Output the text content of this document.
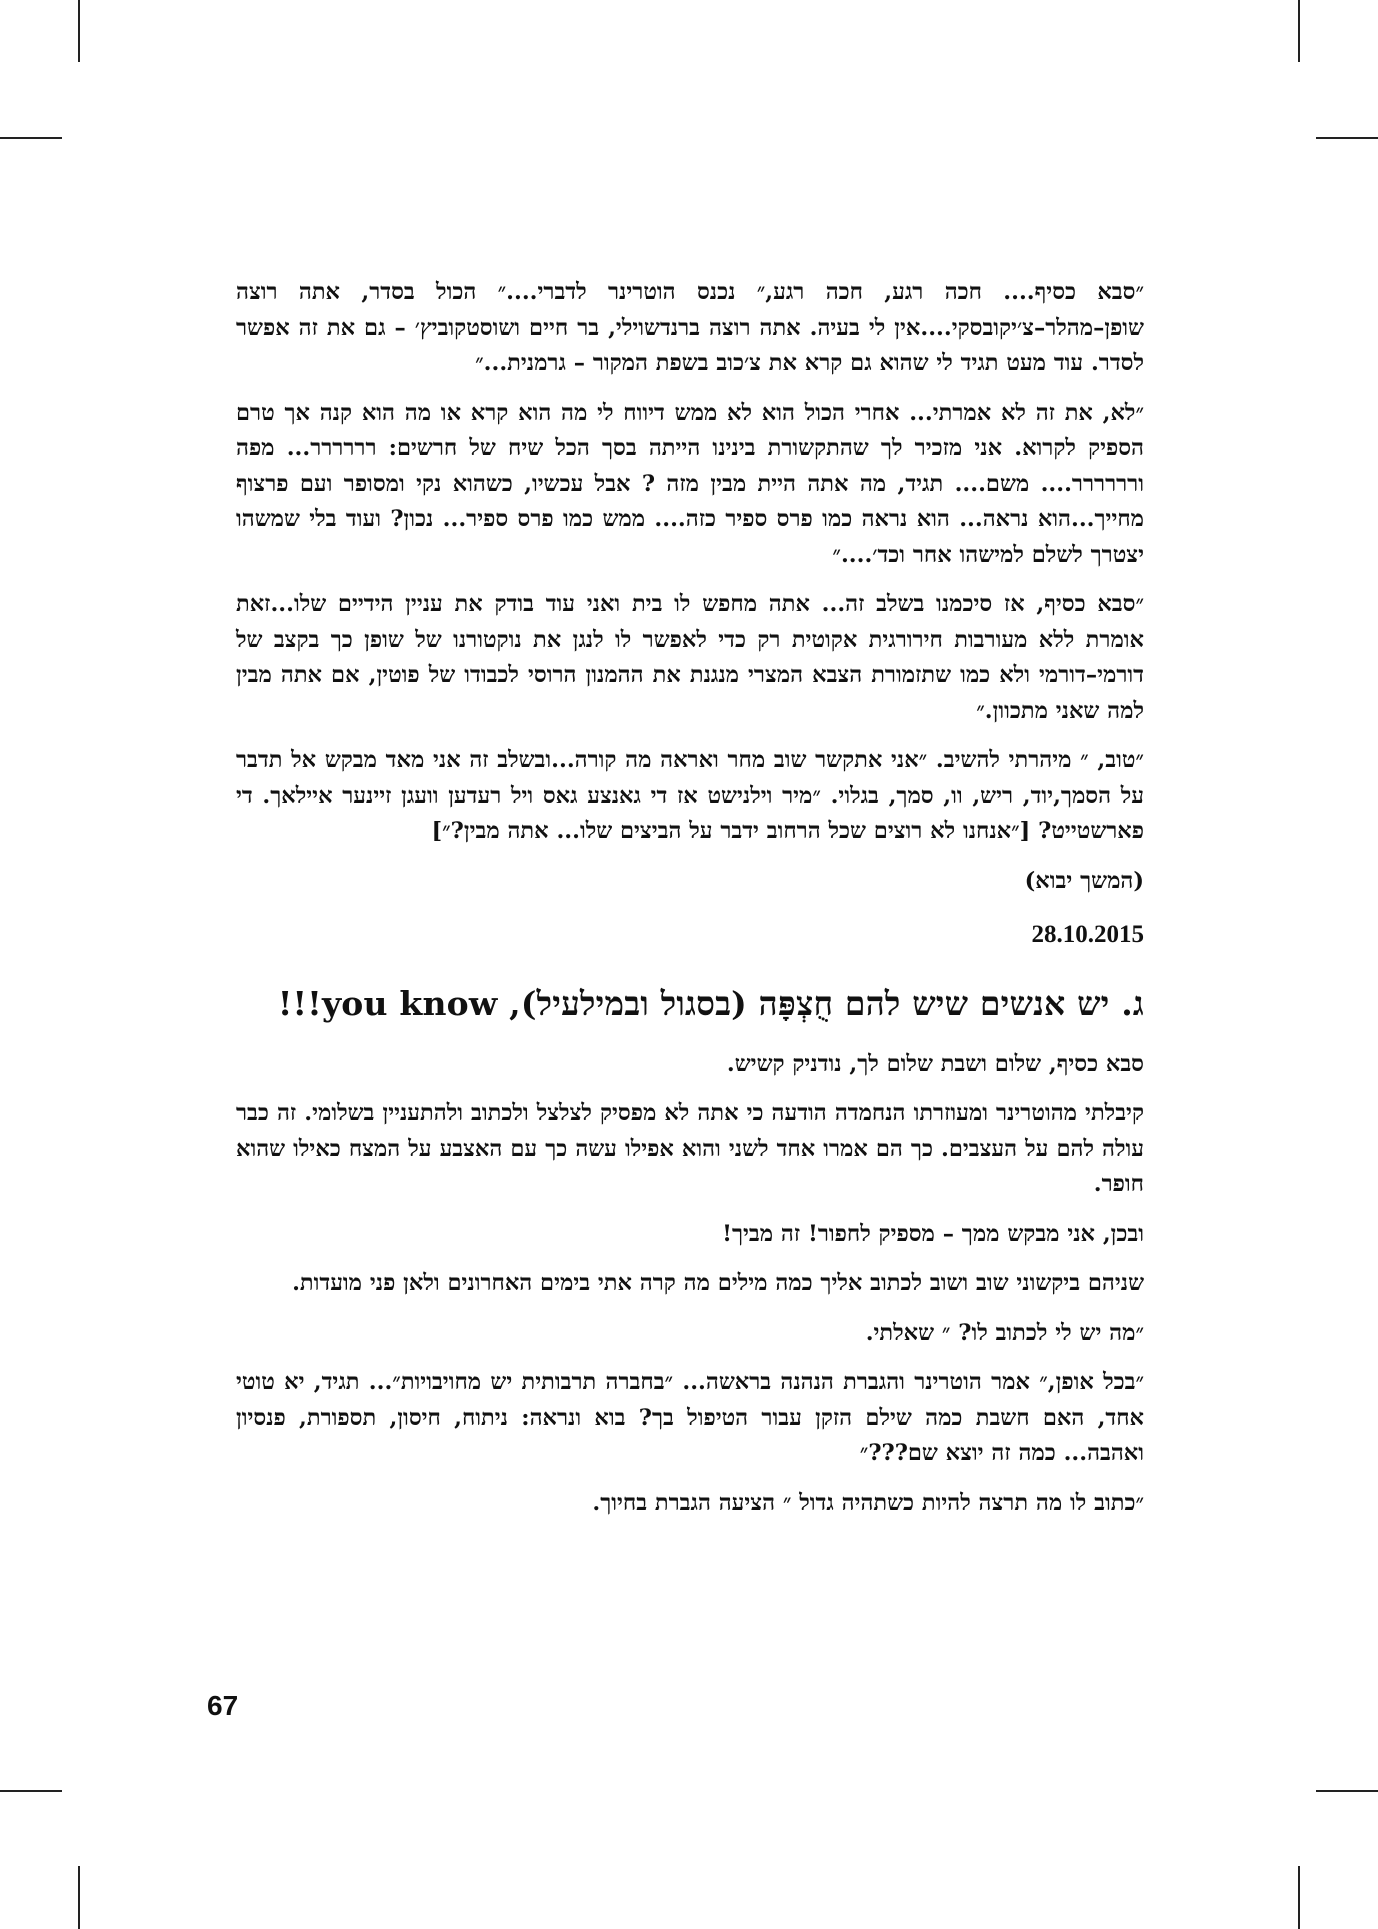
״סבא כסיף.... חכה רגע, חכה רגע,״ נכנס הוטרינר לדברי....״ הכול בסדר, אתה רוצה שופן–מהלר–צ׳יקובסקי....אין לי בעיה. אתה רוצה ברנדשוילי, בר חיים ושוסטקוביץ׳ – גם את זה אפשר לסדר. עוד מעט תגיד לי שהוא גם קרא את צ׳כוב בשפת המקור – גרמנית...״

״לא, את זה לא אמרתי... אחרי הכול הוא לא ממש דיווח לי מה הוא קרא או מה הוא קנה אך טרם הספיק לקרוא. אני מזכיר לך שהתקשורת בינינו הייתה בסך הכל שיח של חרשים: רררררר... מפה ורררררר.... משם.... תגיד, מה אתה היית מבין מזה ? אבל עכשיו, כשהוא נקי ומסופר ועם פרצוף מחייך...הוא נראה... הוא נראה כמו פרס ספיר כזה.... ממש כמו פרס ספיר... נכון? ועוד בלי שמשהו יצטרך לשלם למישהו אחר וכד׳....״

״סבא כסיף, אז סיכמנו בשלב זה... אתה מחפש לו בית ואני עוד בודק את עניין הידיים שלו...זאת אומרת ללא מעורבות חירורגית אקוטית רק כדי לאפשר לו לנגן את נוקטורנו של שופן כך בקצב של דורמי–דורמי ולא כמו שתזמורת הצבא המצרי מנגנת את ההמנון הרוסי לכבודו של פוטין, אם אתה מבין למה שאני מתכוון.״

״טוב, ״ מיהרתי להשיב. ״אני אתקשר שוב מחר ואראה מה קורה...ובשלב זה אני מאד מבקש אל תדבר על הסמך,יוד, ריש, וו, סמך, בגלוי. ״מיר וילנישט אז די גאנצע גאס ויל רעדען וועגן זיינער איילאך. די פארשטייט? [״אנחנו לא רוצים שכל הרחוב ידבר על הביצים שלו... אתה מבין?״]

(המשך יבוא)
28.10.2015
ג. יש אנשים שיש להם חֻצְפָּה (בסגול ובמילעיל), you know!!!

סבא כסיף, שלום ושבת שלום לך, נודניק קשיש.

קיבלתי מהוטרינר ומעוזרתו הנחמדה הודעה כי אתה לא מפסיק לצלצל ולכתוב ולהתעניין בשלומי. זה כבר עולה להם על העצבים. כך הם אמרו אחד לשני והוא אפילו עשה כך עם האצבע על המצח כאילו שהוא חופר.

ובכן, אני מבקש ממך – מספיק לחפור! זה מביך!

שניהם ביקשוני שוב ושוב לכתוב אליך כמה מילים מה קרה אתי בימים האחרונים ולאן פני מועדות.

״מה יש לי לכתוב לו? ״ שאלתי.

״בכל אופן,״ אמר הוטרינר והגברת הנהנה בראשה... ״בחברה תרבותית יש מחויבויות״... תגיד, יא טוטי אחד, האם חשבת כמה שילם הזקן עבור הטיפול בך? בוא ונראה: ניתוח, חיסון, תספורת, פנסיון ואהבה... כמה זה יוצא שם???״

״כתוב לו מה תרצה להיות כשתהיה גדול ״ הציעה הגברת בחיוך.

67
